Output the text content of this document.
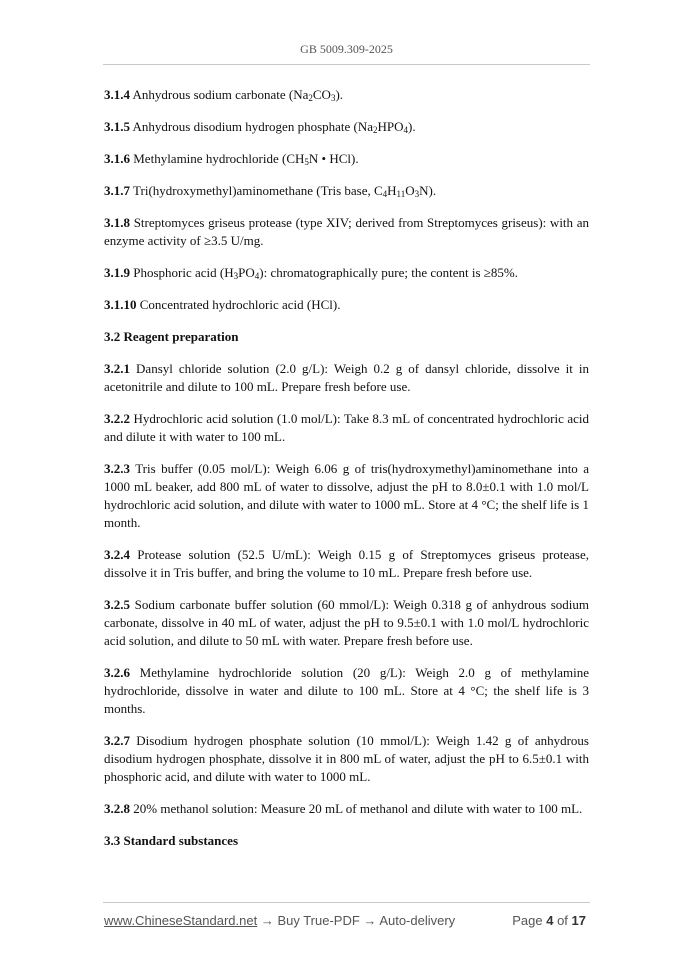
GB 5009.309-2025

3.1.4 Anhydrous sodium carbonate $(Na_2CO_3)$.

3.1.5 Anhydrous disodium hydrogen phosphate $(Na_2HPO_4)$.

3.1.6 Methylamine hydrochloride ($CH_5N$ • HCl).

3.1.7 Tri(hydroxymethyl)aminomethane (Tris base, $C_4H_{11}O_3N$).

3.1.8 Streptomyces griseus protease (type XIV; derived from Streptomyces griseus): with an enzyme activity of ≥3.5 U/mg.

3.1.9 Phosphoric acid $(H_3PO_4)$: chromatographically pure; the content is ≥85%.

3.1.10 Concentrated hydrochloric acid (HCl).

3.2 Reagent preparation

3.2.1 Dansyl chloride solution (2.0 g/L): Weigh 0.2 g of dansyl chloride, dissolve it in acetonitrile and dilute to 100 mL. Prepare fresh before use.

3.2.2 Hydrochloric acid solution (1.0 mol/L): Take 8.3 mL of concentrated hydrochloric acid and dilute it with water to 100 mL.

3.2.3 Tris buffer (0.05 mol/L): Weigh 6.06 g of tris(hydroxymethyl)aminomethane into a 1000 mL beaker, add 800 mL of water to dissolve, adjust the pH to 8.0±0.1 with 1.0 mol/L hydrochloric acid solution, and dilute with water to 1000 mL. Store at 4 °C; the shelf life is 1 month.

3.2.4 Protease solution (52.5 U/mL): Weigh 0.15 g of Streptomyces griseus protease, dissolve it in Tris buffer, and bring the volume to 10 mL. Prepare fresh before use.

3.2.5 Sodium carbonate buffer solution (60 mmol/L): Weigh 0.318 g of anhydrous sodium carbonate, dissolve in 40 mL of water, adjust the pH to 9.5±0.1 with 1.0 mol/L hydrochloric acid solution, and dilute to 50 mL with water. Prepare fresh before use.

3.2.6 Methylamine hydrochloride solution (20 g/L): Weigh 2.0 g of methylamine hydrochloride, dissolve in water and dilute to 100 mL. Store at 4 °C; the shelf life is 3 months.

3.2.7 Disodium hydrogen phosphate solution (10 mmol/L): Weigh 1.42 g of anhydrous disodium hydrogen phosphate, dissolve it in 800 mL of water, adjust the pH to 6.5±0.1 with phosphoric acid, and dilute with water to 1000 mL.

3.2.8 20% methanol solution: Measure 20 mL of methanol and dilute with water to 100 mL.

3.3 Standard substances

www.ChineseStandard.net → Buy True-PDF → Auto-delivery	Page 4 of 17
